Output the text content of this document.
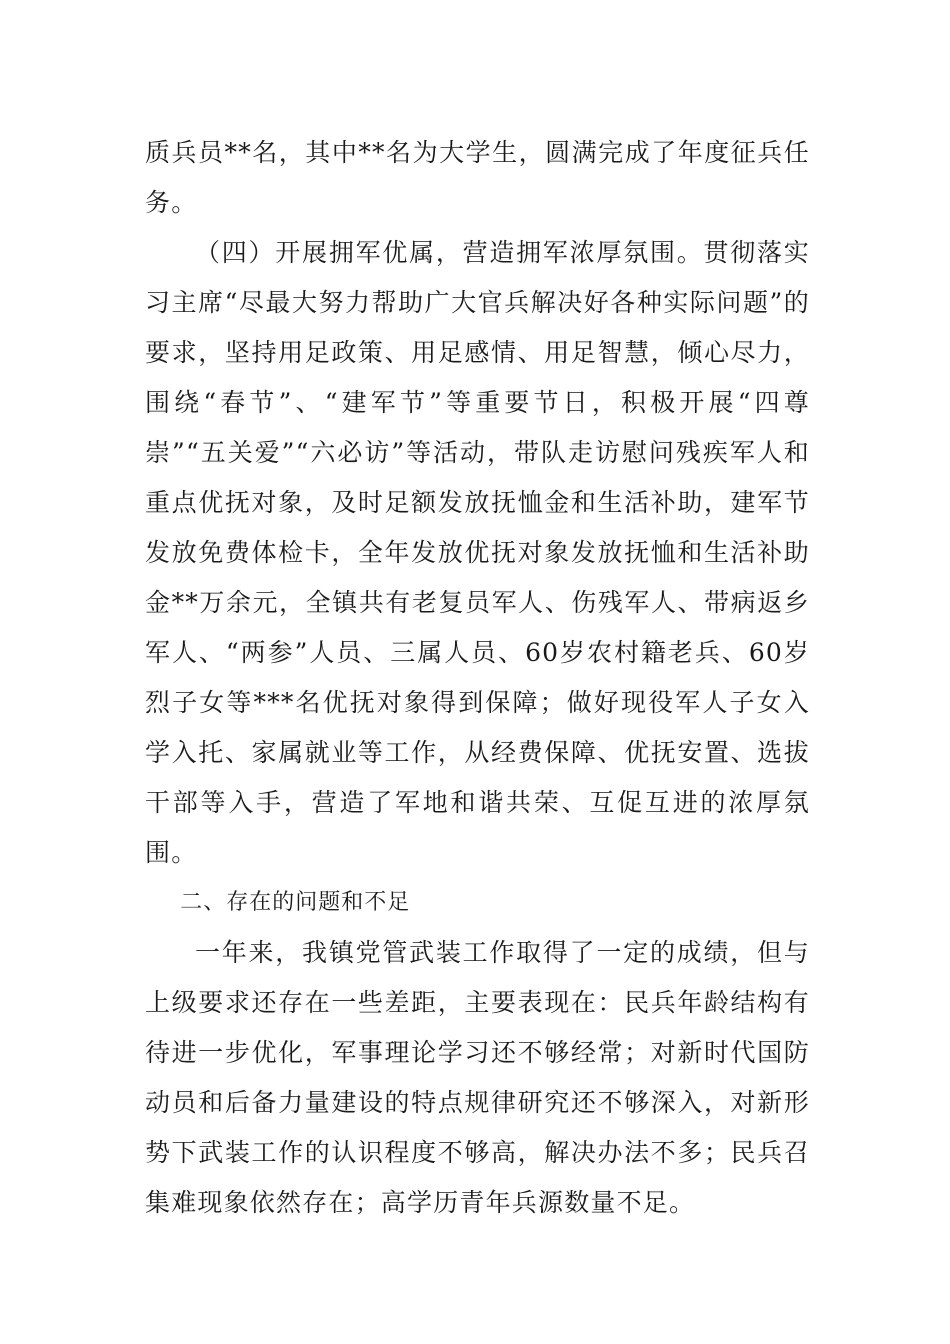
质兵员**名，其中**名为大学生，圆满完成了年度征兵任务。

（四）开展拥军优属，营造拥军浓厚氛围。贯彻落实习主席“尽最大努力帮助广大官兵解决好各种实际问题”的要求，坚持用足政策、用足感情、用足智慧，倾心尽力，围绕“春节”、“建军节”等重要节日，积极开展“四尊崇”“五关爱”“六必访”等活动，带队走访慰问残疾军人和重点优抚对象，及时足额发放抚恤金和生活补助，建军节发放免费体检卡，全年发放优抚对象发放抚恤和生活补助金**万余元，全镇共有老复员军人、伤残军人、带病返乡军人、“两参”人员、三属人员、60岁农村籍老兵、60岁烈子女等***名优抚对象得到保障；做好现役军人子女入学入托、家属就业等工作，从经费保障、优抚安置、选拔干部等入手，营造了军地和谐共荣、互促互进的浓厚氛围。

二、存在的问题和不足

一年来，我镇党管武装工作取得了一定的成绩，但与上级要求还存在一些差距，主要表现在：民兵年龄结构有待进一步优化，军事理论学习还不够经常；对新时代国防动员和后备力量建设的特点规律研究还不够深入，对新形势下武装工作的认识程度不够高，解决办法不多；民兵召集难现象依然存在；高学历青年兵源数量不足。
